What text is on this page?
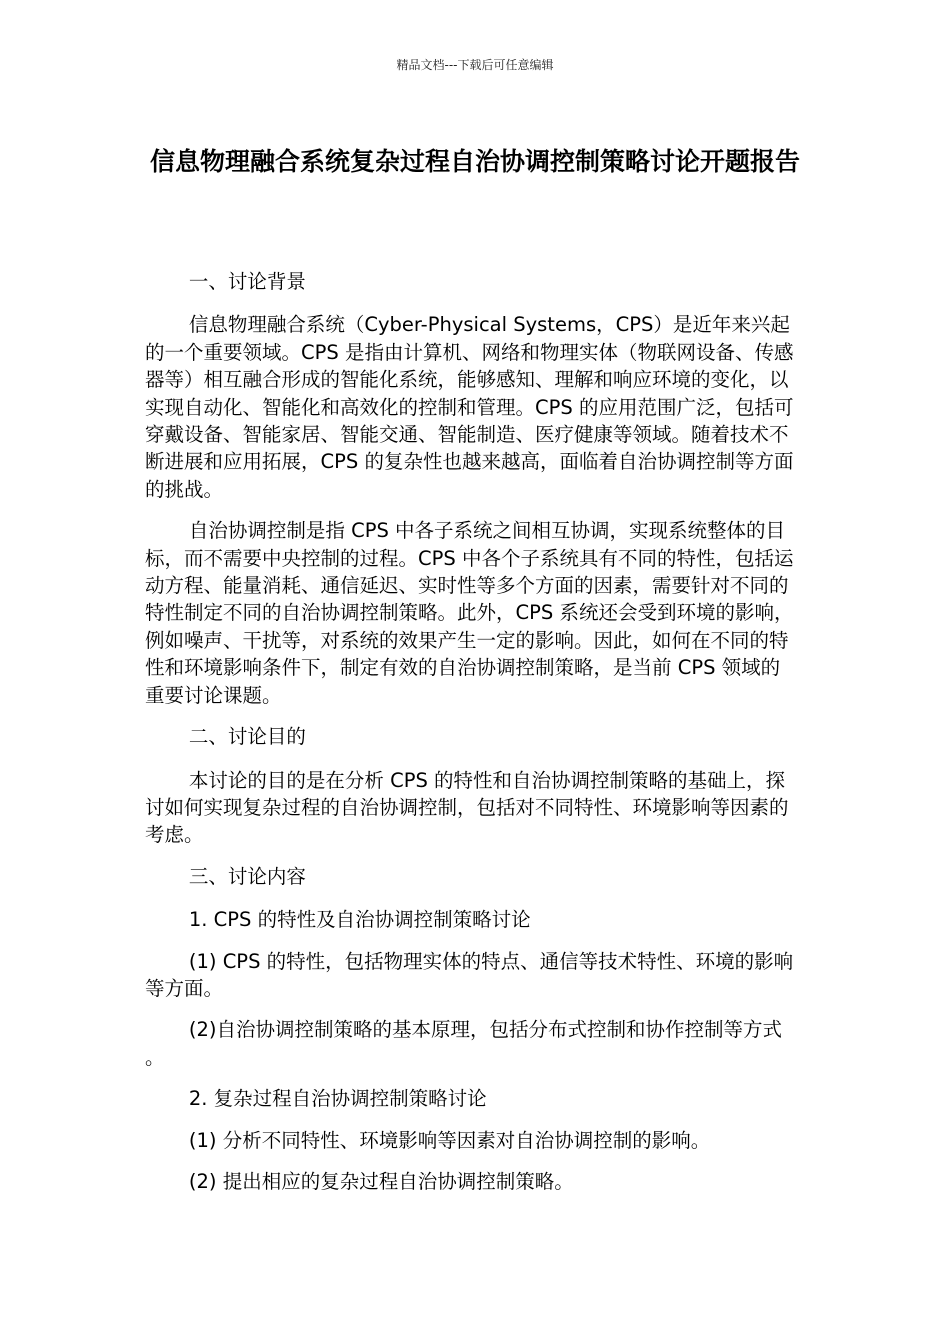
精品文档---下载后可任意编辑
信息物理融合系统复杂过程自治协调控制策略讨论开题报告

一、讨论背景

信息物理融合系统（Cyber-Physical Systems，CPS）是近年来兴起的一个重要领域。CPS 是指由计算机、网络和物理实体（物联网设备、传感器等）相互融合形成的智能化系统，能够感知、理解和响应环境的变化，以实现自动化、智能化和高效化的控制和管理。CPS 的应用范围广泛，包括可穿戴设备、智能家居、智能交通、智能制造、医疗健康等领域。随着技术不断进展和应用拓展，CPS 的复杂性也越来越高，面临着自治协调控制等方面的挑战。

自治协调控制是指 CPS 中各子系统之间相互协调，实现系统整体的目标，而不需要中央控制的过程。CPS 中各个子系统具有不同的特性，包括运动方程、能量消耗、通信延迟、实时性等多个方面的因素，需要针对不同的特性制定不同的自治协调控制策略。此外，CPS 系统还会受到环境的影响，例如噪声、干扰等，对系统的效果产生一定的影响。因此，如何在不同的特性和环境影响条件下，制定有效的自治协调控制策略，是当前 CPS 领域的重要讨论课题。

二、讨论目的

本讨论的目的是在分析 CPS 的特性和自治协调控制策略的基础上，探讨如何实现复杂过程的自治协调控制，包括对不同特性、环境影响等因素的考虑。

三、讨论内容

1. CPS 的特性及自治协调控制策略讨论

(1) CPS 的特性，包括物理实体的特点、通信等技术特性、环境的影响等方面。

(2)自治协调控制策略的基本原理，包括分布式控制和协作控制等方式。

2. 复杂过程自治协调控制策略讨论

(1) 分析不同特性、环境影响等因素对自治协调控制的影响。

(2) 提出相应的复杂过程自治协调控制策略。
